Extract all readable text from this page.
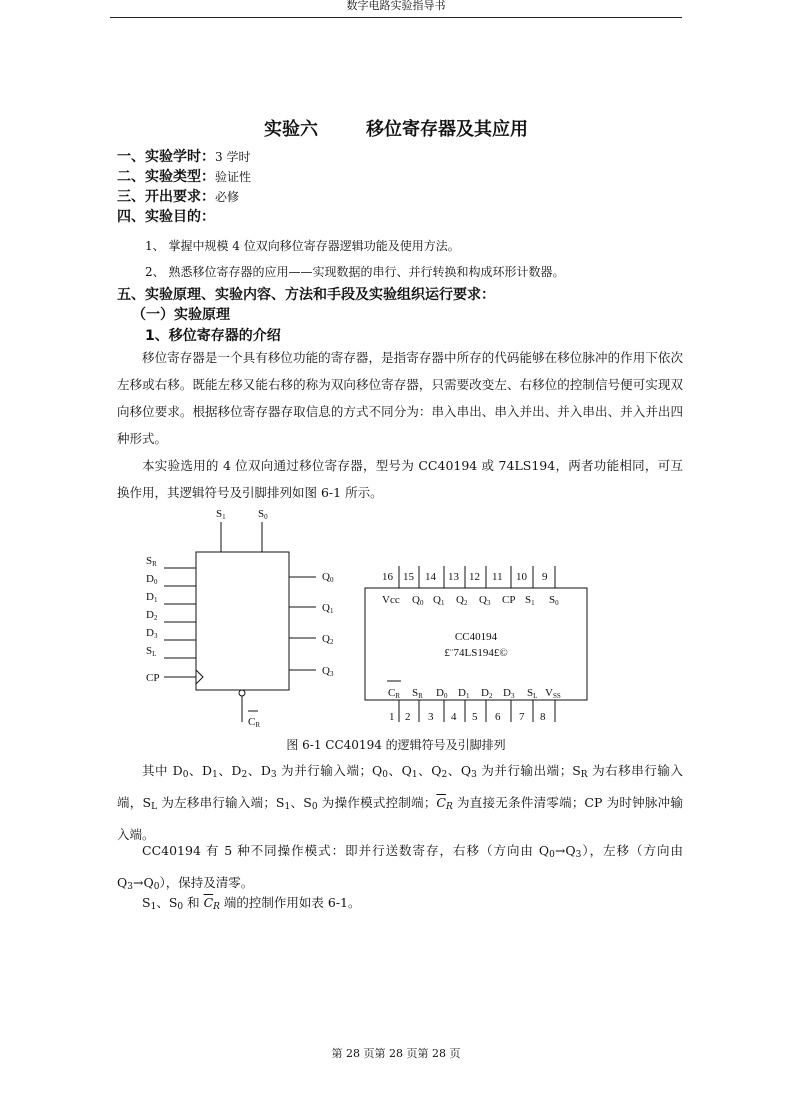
数字电路实验指导书
实验六	移位寄存器及其应用
一、实验学时：3 学时
二、实验类型：验证性
三、开出要求：必修
四、实验目的：
1、 掌握中规模 4 位双向移位寄存器逻辑功能及使用方法。
2、 熟悉移位寄存器的应用——实现数据的串行、并行转换和构成环形计数器。
五、实验原理、实验内容、方法和手段及实验组织运行要求：
（一）实验原理
1、移位寄存器的介绍
移位寄存器是一个具有移位功能的寄存器，是指寄存器中所存的代码能够在移位脉冲的作用下依次左移或右移。既能左移又能右移的称为双向移位寄存器，只需要改变左、右移位的控制信号便可实现双向移位要求。根据移位寄存器存取信息的方式不同分为：串入串出、串入并出、并入串出、并入并出四种形式。
本实验选用的 4 位双向通过移位寄存器，型号为 CC40194 或 74LS194，两者功能相同，可互换作用，其逻辑符号及引脚排列如图 6-1 所示。
S1	S0
SR
D0
D1
D2
D3
SL
CP
Q0
Q1
Q2
Q3
CR
16 15 14 13 12 11 10 9
Vcc Q0 Q1 Q2 Q3 CP S1 S0
CC40194
£¨74LS194£©
CR SR D0 D1 D2 D3 SL VSS
1 2 3 4 5 6 7 8
图 6-1 CC40194 的逻辑符号及引脚排列
其中 $D_0$、$D_1$、$D_2$、$D_3$ 为并行输入端；$Q_0$、$Q_1$、$Q_2$、$Q_3$ 为并行输出端；$S_R$ 为右移串行输入端，$S_L$ 为左移串行输入端；$S_1$、$S_0$ 为操作模式控制端；$\overline{C}_R$ 为直接无条件清零端；CP 为时钟脉冲输入端。
CC40194 有 5 种不同操作模式：即并行送数寄存，右移（方向由 $Q_0\to Q_3$），左移（方向由 $Q_3\to Q_0$），保持及清零。
$S_1$、$S_0$ 和 $\overline{C}_R$ 端的控制作用如表 6-1。
第 28 页第 28 页第 28 页
